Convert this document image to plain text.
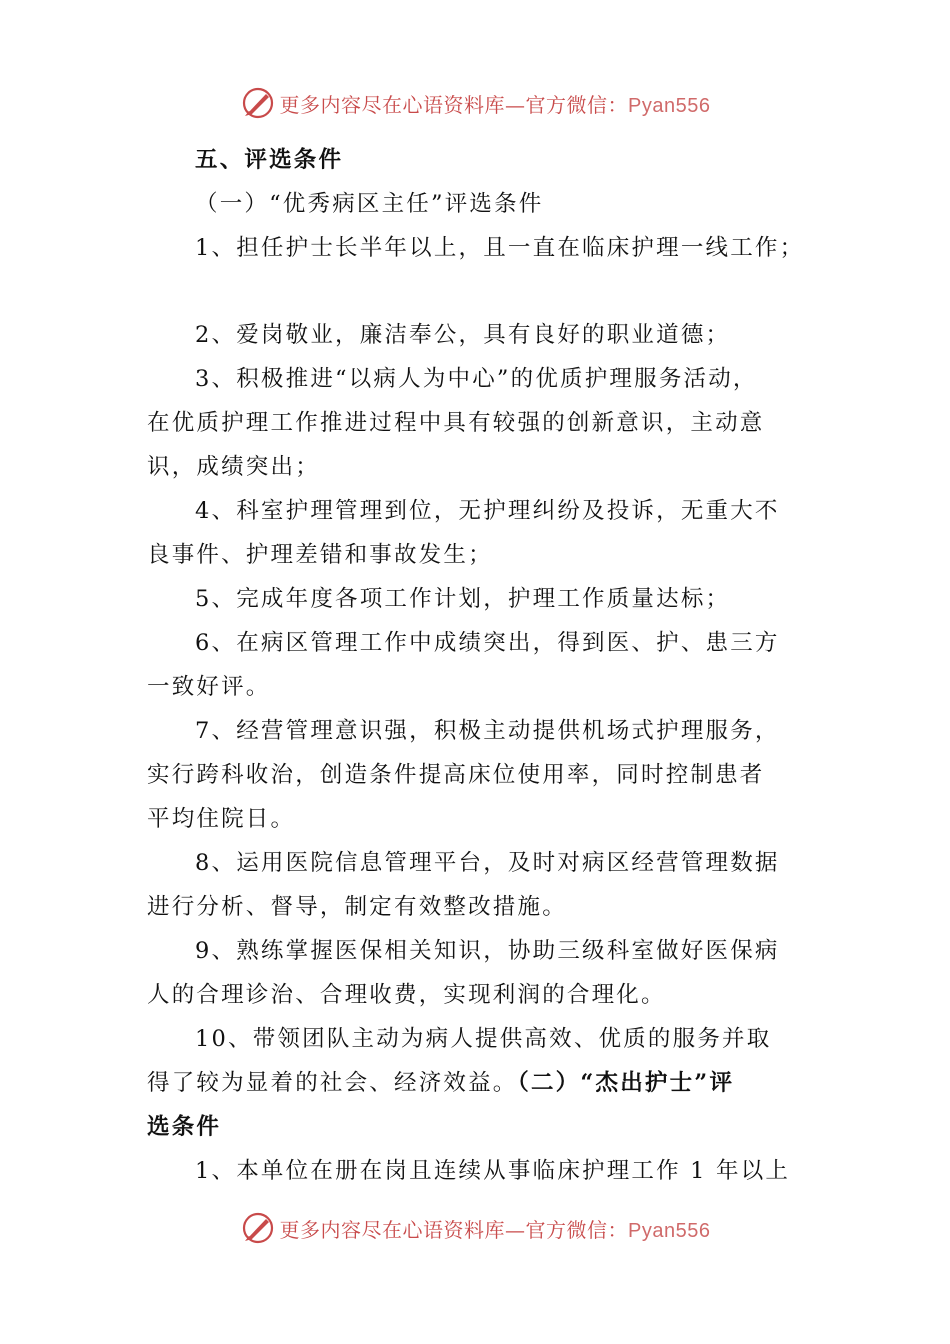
更多内容尽在心语资料库—官方微信：Pyan556
五、评选条件
（一）“优秀病区主任”评选条件
1、担任护士长半年以上，且一直在临床护理一线工作；
2、爱岗敬业，廉洁奉公，具有良好的职业道德；
3、积极推进“以病人为中心”的优质护理服务活动，
在优质护理工作推进过程中具有较强的创新意识，主动意
识，成绩突出；
4、科室护理管理到位，无护理纠纷及投诉，无重大不
良事件、护理差错和事故发生；
5、完成年度各项工作计划，护理工作质量达标；
6、在病区管理工作中成绩突出，得到医、护、患三方
一致好评。
7、经营管理意识强，积极主动提供机场式护理服务，
实行跨科收治，创造条件提高床位使用率，同时控制患者
平均住院日。
8、运用医院信息管理平台，及时对病区经营管理数据
进行分析、督导，制定有效整改措施。
9、熟练掌握医保相关知识，协助三级科室做好医保病
人的合理诊治、合理收费，实现利润的合理化。
10、带领团队主动为病人提供高效、优质的服务并取
得了较为显着的社会、经济效益。（二）“杰出护士”评
选条件
1、本单位在册在岗且连续从事临床护理工作 1 年以上
更多内容尽在心语资料库—官方微信：Pyan556
